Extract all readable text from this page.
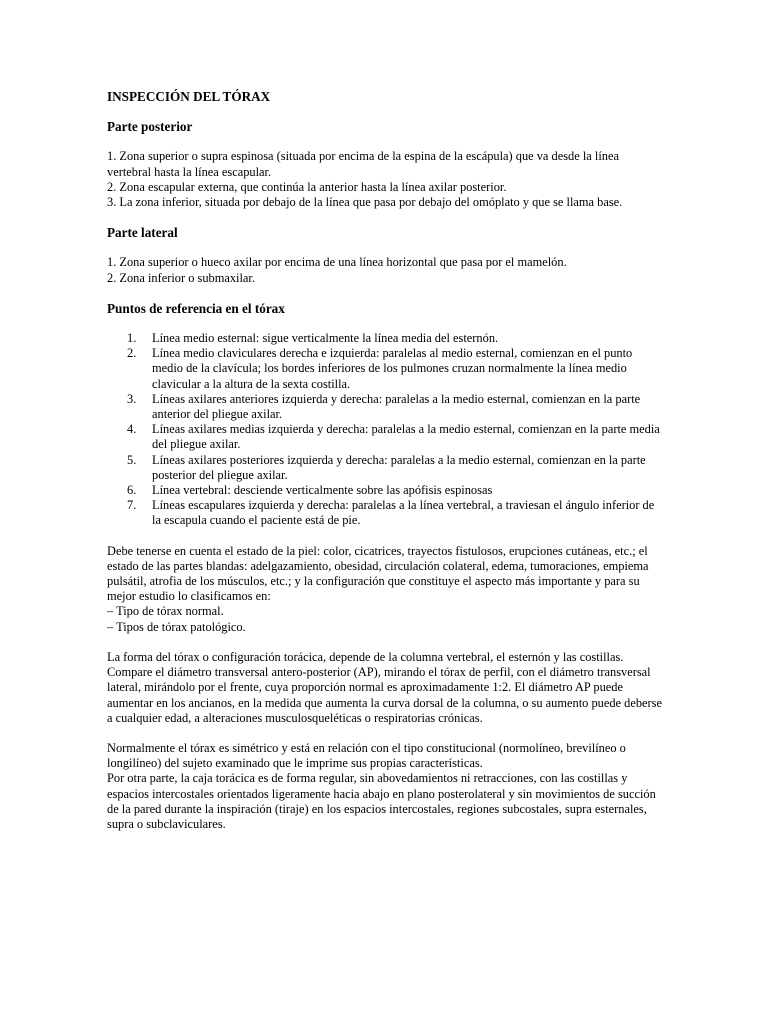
INSPECCIÓN DEL TÓRAX
Parte posterior
1. Zona superior o supra espinosa (situada por encima de la espina de la escápula) que va desde la línea vertebral hasta la línea escapular.
2. Zona escapular externa, que continúa la anterior hasta la línea axilar posterior.
3. La zona inferior, situada por debajo de la línea que pasa por debajo del omóplato y que se llama base.
Parte lateral
1. Zona superior o hueco axilar por encima de una línea horizontal que pasa por el mamelón.
2. Zona inferior o submaxilar.
Puntos de referencia en el tórax
1. Línea medio esternal: sigue verticalmente la línea media del esternón.
2. Línea medio claviculares derecha e izquierda: paralelas al medio esternal, comienzan en el punto medio de la clavícula; los bordes inferiores de los pulmones cruzan normalmente la línea medio clavicular a la altura de la sexta costilla.
3. Líneas axilares anteriores izquierda y derecha: paralelas a la medio esternal, comienzan en la parte anterior del pliegue axilar.
4. Líneas axilares medias izquierda y derecha: paralelas a la medio esternal, comienzan en la parte media del pliegue axilar.
5. Líneas axilares posteriores izquierda y derecha: paralelas a la medio esternal, comienzan en la parte posterior del pliegue axilar.
6. Línea vertebral: desciende verticalmente sobre las apófisis espinosas
7. Líneas escapulares izquierda y derecha: paralelas a la línea vertebral, a traviesan el ángulo inferior de la escapula cuando el paciente está de pie.
Debe tenerse en cuenta el estado de la piel: color, cicatrices, trayectos fistulosos, erupciones cutáneas, etc.; el estado de las partes blandas: adelgazamiento, obesidad, circulación colateral, edema, tumoraciones, empiema pulsátil, atrofia de los músculos, etc.; y la configuración que constituye el aspecto más importante y para su mejor estudio lo clasificamos en:
– Tipo de tórax normal.
– Tipos de tórax patológico.
La forma del tórax o configuración torácica, depende de la columna vertebral, el esternón y las costillas.
Compare el diámetro transversal antero-posterior (AP), mirando el tórax de perfil, con el diámetro transversal lateral, mirándolo por el frente, cuya proporción normal es aproximadamente 1:2. El diámetro AP puede aumentar en los ancianos, en la medida que aumenta la curva dorsal de la columna, o su aumento puede deberse a cualquier edad, a alteraciones musculosqueléticas o respiratorias crónicas.
Normalmente el tórax es simétrico y está en relación con el tipo constitucional (normolíneo, brevilíneo o longilíneo) del sujeto examinado que le imprime sus propias características.
Por otra parte, la caja torácica es de forma regular, sin abovedamientos ni retracciones, con las costillas y espacios intercostales orientados ligeramente hacia abajo en plano posterolateral y sin movimientos de succión de la pared durante la inspiración (tiraje) en los espacios intercostales, regiones subcostales, supra esternales, supra o subclaviculares.
